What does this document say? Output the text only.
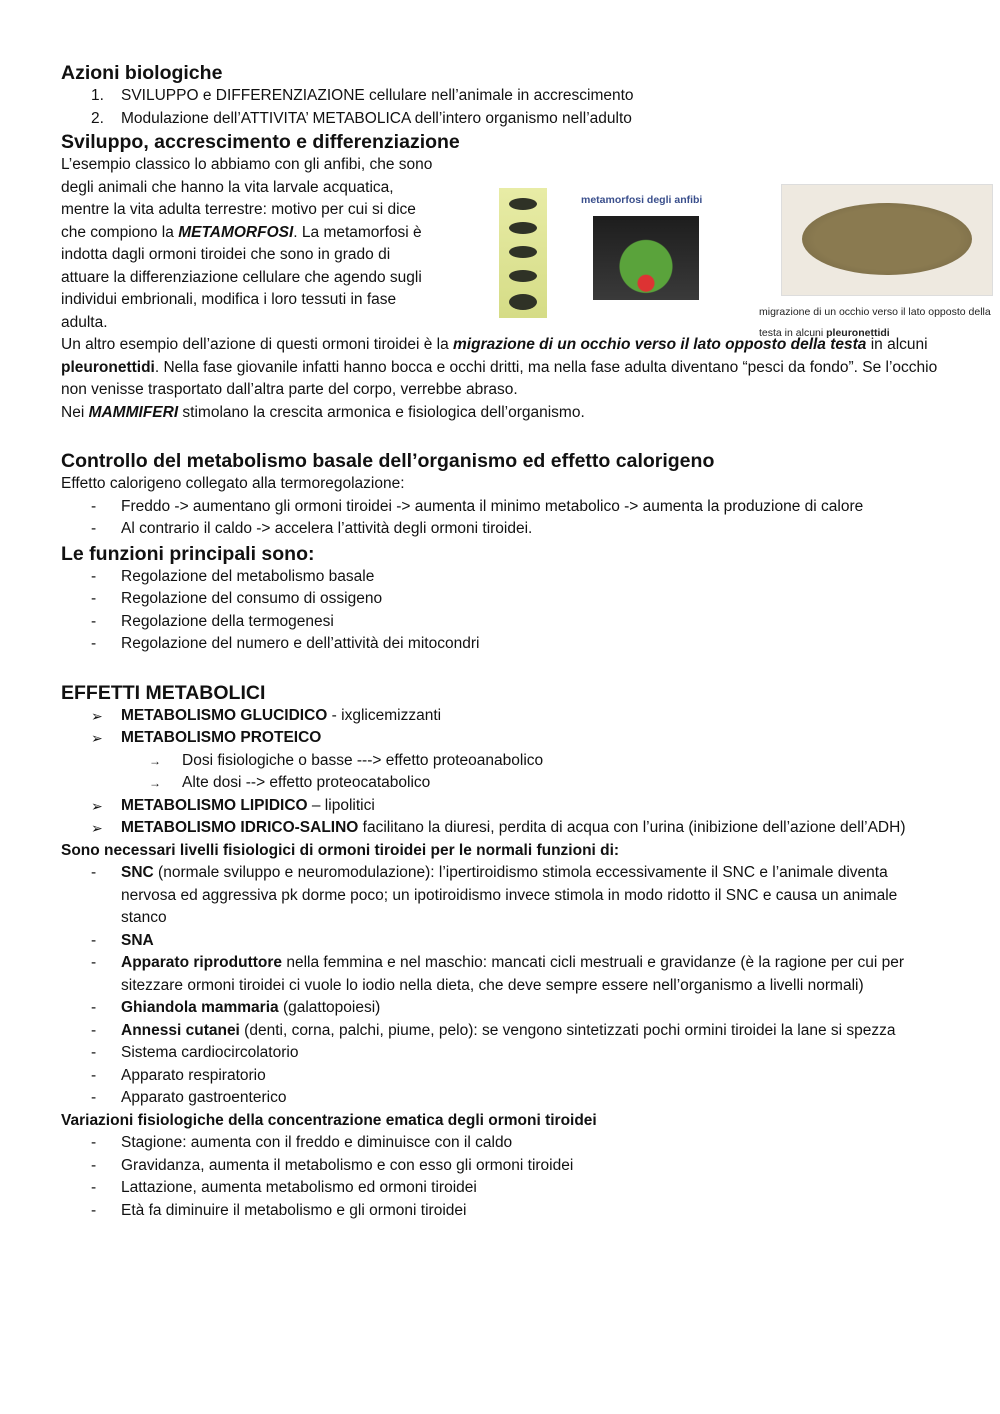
Azioni biologiche
1. SVILUPPO e DIFFERENZIAZIONE cellulare nell’animale in accrescimento
2. Modulazione dell’ATTIVITA’ METABOLICA dell’intero organismo nell’adulto
Sviluppo, accrescimento e differenziazione
L’esempio classico lo abbiamo con gli anfibi, che sono degli animali che hanno la vita larvale acquatica, mentre la vita adulta terrestre: motivo per cui si dice che compiono la METAMORFOSI. La metamorfosi è indotta dagli ormoni tiroidei che sono in grado di attuare la differenziazione cellulare che agendo sugli individui embrionali, modifica i loro tessuti in fase adulta.
Un altro esempio dell’azione di questi ormoni tiroidei è la migrazione di un occhio verso il lato opposto della testa in alcuni pleuronettidi. Nella fase giovanile infatti hanno bocca e occhi dritti, ma nella fase adulta diventano “pesci da fondo”. Se l’occhio non venisse trasportato dall’altra parte del corpo, verrebbe abraso.
Nei MAMMIFERI stimolano la crescita armonica e fisiologica dell’organismo.
Controllo del metabolismo basale dell’organismo ed effetto calorigeno
Effetto calorigeno collegato alla termoregolazione:
- Freddo -> aumentano gli ormoni tiroidei -> aumenta il minimo metabolico -> aumenta la produzione di calore
- Al contrario il caldo -> accelera l’attività degli ormoni tiroidei.
Le funzioni principali sono:
- Regolazione del metabolismo basale
- Regolazione del consumo di ossigeno
- Regolazione della termogenesi
- Regolazione del numero e dell’attività dei mitocondri
EFFETTI METABOLICI
➢ METABOLISMO GLUCIDICO - ixglicemizzanti
➢ METABOLISMO PROTEICO
→ Dosi fisiologiche o basse ---> effetto proteoanabolico
→ Alte dosi --> effetto proteocatabolico
➢ METABOLISMO LIPIDICO – lipolitici
➢ METABOLISMO IDRICO-SALINO facilitano la diuresi, perdita di acqua con l’urina (inibizione dell’azione dell’ADH)
Sono necessari livelli fisiologici di ormoni tiroidei per le normali funzioni di:
- SNC (normale sviluppo e neuromodulazione): l’ipertiroidismo stimola eccessivamente il SNC e l’animale diventa nervosa ed aggressiva pk dorme poco; un ipotiroidismo invece stimola in modo ridotto il SNC e causa un animale stanco
- SNA
- Apparato riproduttore nella femmina e nel maschio: mancati cicli mestruali e gravidanze (è la ragione per cui per sitezzare ormoni tiroidei ci vuole lo iodio nella dieta, che deve sempre essere nell’organismo a livelli normali)
- Ghiandola mammaria (galattopoiesi)
- Annessi cutanei (denti, corna, palchi, piume, pelo): se vengono sintetizzati pochi ormini tiroidei la lane si spezza
- Sistema cardiocircolatorio
- Apparato respiratorio
- Apparato gastroenterico
Variazioni fisiologiche della concentrazione ematica degli ormoni tiroidei
- Stagione: aumenta con il freddo e diminuisce con il caldo
- Gravidanza, aumenta il metabolismo e con esso gli ormoni tiroidei
- Lattazione, aumenta metabolismo ed ormoni tiroidei
- Età fa diminuire il metabolismo e gli ormoni tiroidei
metamorfosi degli anfibi
migrazione di un occhio verso il lato opposto della testa in alcuni pleuronettidi
